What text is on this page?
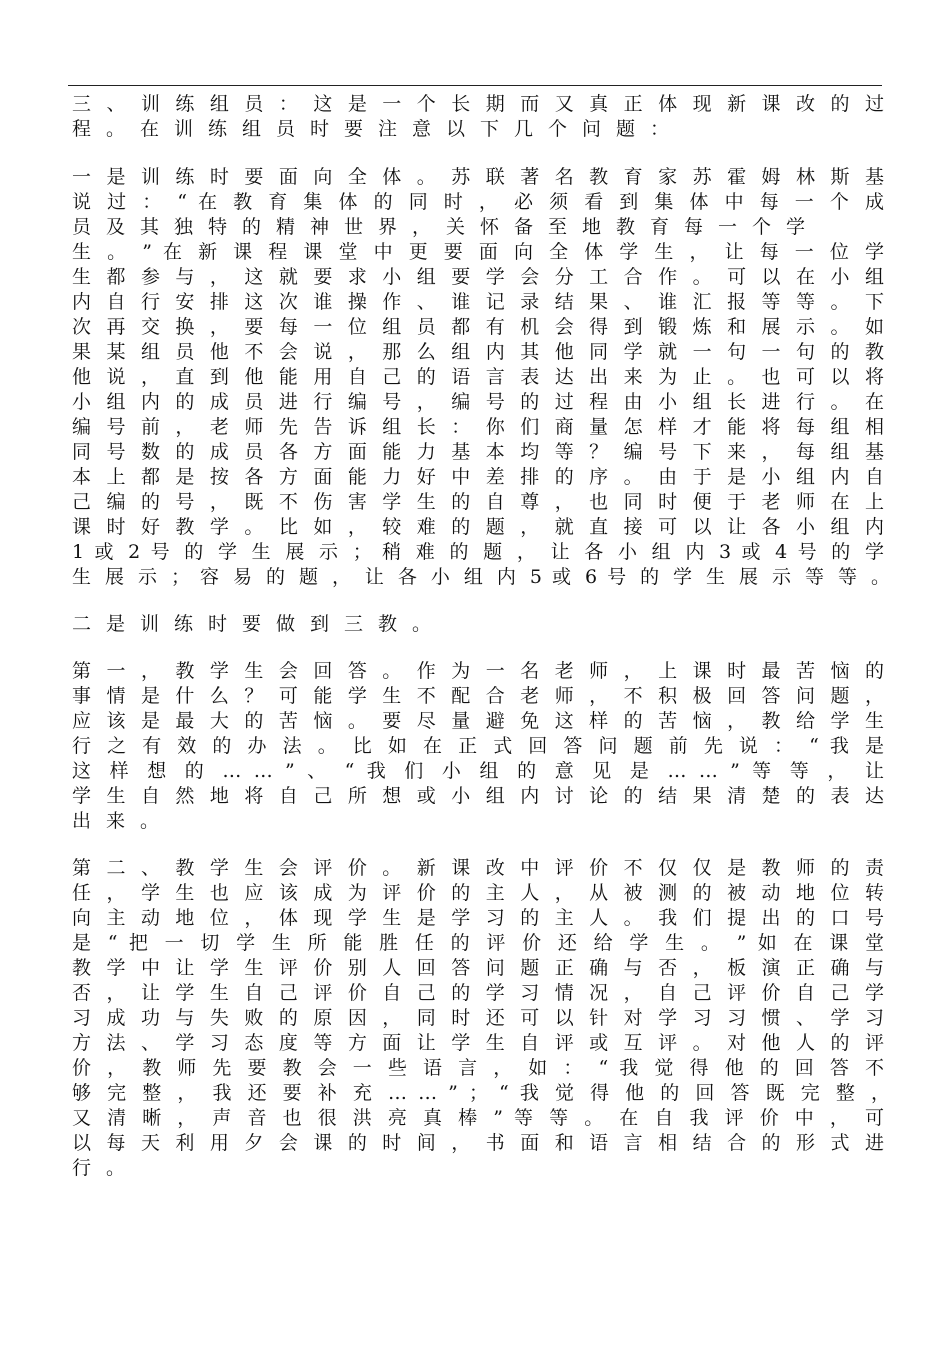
三 、 训 练 组 员 ： 这 是 一 个 长 期 而 又 真 正 体 现 新 课 改 的 过
程。在训练组员时要注意以下几个问题：
一 是 训 练 时 要 面 向 全 体 。 苏 联 著 名 教 育 家 苏 霍 姆 林 斯 基
说 过 ： “ 在 教 育 集 体 的 同 时 ， 必 须 看 到 集 体 中 每 一 个 成
员及其独特的精神世界，关怀备至地教育每一个学
生 。 ” 在 新 课 程 课 堂 中 更 要 面 向 全 体 学 生 ， 让 每 一 位 学
生 都 参 与 ， 这 就 要 求 小 组 要 学 会 分 工 合 作 。 可 以 在 小 组
内 自 行 安 排 这 次 谁 操 作 、 谁 记 录 结 果 、 谁 汇 报 等 等 。 下
次 再 交 换 ， 要 每 一 位 组 员 都 有 机 会 得 到 锻 炼 和 展 示 。 如
果 某 组 员 他 不 会 说 ， 那 么 组 内 其 他 同 学 就 一 句 一 句 的 教
他 说 ， 直 到 他 能 用 自 己 的 语 言 表 达 出 来 为 止 。 也 可 以 将
小 组 内 的 成 员 进 行 编 号 ， 编 号 的 过 程 由 小 组 长 进 行 。 在
编 号 前 ， 老 师 先 告 诉 组 长 ： 你 们 商 量 怎 样 才 能 将 每 组 相
同 号 数 的 成 员 各 方 面 能 力 基 本 均 等 ？ 编 号 下 来 ， 每 组 基
本 上 都 是 按 各 方 面 能 力 好 中 差 排 的 序 。 由 于 是 小 组 内 自
己 编 的 号 ， 既 不 伤 害 学 生 的 自 尊 ， 也 同 时 便 于 老 师 在 上
课 时 好 教 学 。 比 如 ， 较 难 的 题 ， 就 直 接 可 以 让 各 小 组 内
1 或 2 号 的 学 生 展 示 ； 稍 难 的 题 ， 让 各 小 组 内 3 或 4 号 的 学
生 展 示 ； 容 易 的 题 ， 让 各 小 组 内 5 或 6 号 的 学 生 展 示 等 等 。
二是训练时要做到三教。
第 一 ， 教 学 生 会 回 答 。 作 为 一 名 老 师 ， 上 课 时 最 苦 恼 的
事 情 是 什 么 ？ 可 能 学 生 不 配 合 老 师 ， 不 积 极 回 答 问 题 ，
应 该 是 最 大 的 苦 恼 。 要 尽 量 避 免 这 样 的 苦 恼 ， 教 给 学 生
行 之 有 效 的 办 法 。 比 如 在 正 式 回 答 问 题 前 先 说 ： “ 我 是
这 样 想 的 … … ” 、 “ 我 们 小 组 的 意 见 是 … … ” 等 等 ， 让
学 生 自 然 地 将 自 己 所 想 或 小 组 内 讨 论 的 结 果 清 楚 的 表 达
出来。
第 二 、 教 学 生 会 评 价 。 新 课 改 中 评 价 不 仅 仅 是 教 师 的 责
任 ， 学 生 也 应 该 成 为 评 价 的 主 人 ， 从 被 测 的 被 动 地 位 转
向 主 动 地 位 ， 体 现 学 生 是 学 习 的 主 人 。 我 们 提 出 的 口 号
是 “ 把 一 切 学 生 所 能 胜 任 的 评 价 还 给 学 生 。 ” 如 在 课 堂
教 学 中 让 学 生 评 价 别 人 回 答 问 题 正 确 与 否 ， 板 演 正 确 与
否 ， 让 学 生 自 己 评 价 自 己 的 学 习 情 况 ， 自 己 评 价 自 己 学
习 成 功 与 失 败 的 原 因 ， 同 时 还 可 以 针 对 学 习 习 惯 、 学 习
方 法 、 学 习 态 度 等 方 面 让 学 生 自 评 或 互 评 。 对 他 人 的 评
价 ， 教 师 先 要 教 会 一 些 语 言 ， 如 ： “ 我 觉 得 他 的 回 答 不
够 完 整 ， 我 还 要 补 充 … … ” ； “ 我 觉 得 他 的 回 答 既 完 整 ，
又 清 晰 ， 声 音 也 很 洪 亮 真 棒 ” 等 等 。 在 自 我 评 价 中 ， 可
以 每 天 利 用 夕 会 课 的 时 间 ， 书 面 和 语 言 相 结 合 的 形 式 进
行。
